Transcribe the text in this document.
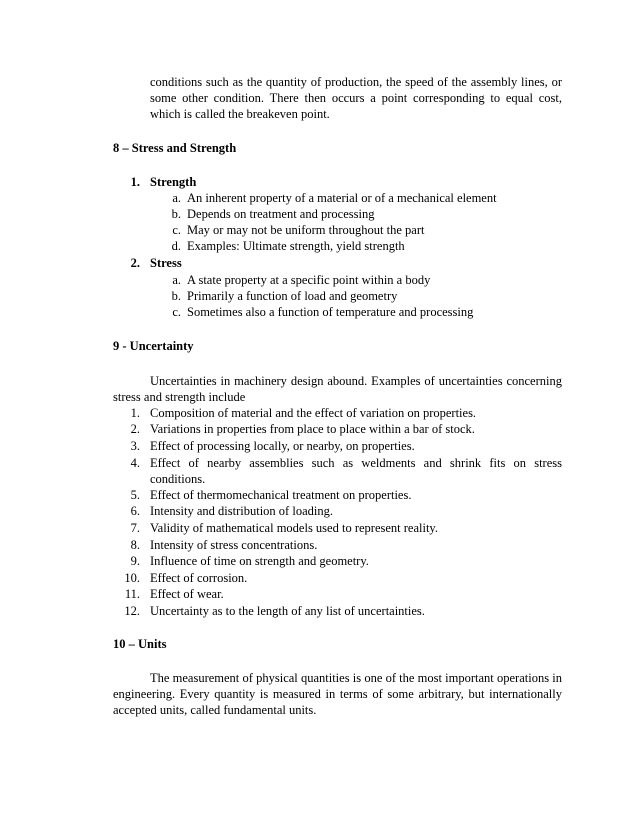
conditions such as the quantity of production, the speed of the assembly lines, or

some other condition. There then occurs a point corresponding to equal cost,

which is called the breakeven point.

8 – Stress and Strength

1. Strength
a. An inherent property of a material or of a mechanical element
b. Depends on treatment and processing
c. May or may not be uniform throughout the part
d. Examples: Ultimate strength, yield strength
2. Stress
a. A state property at a specific point within a body
b. Primarily a function of load and geometry
c. Sometimes also a function of temperature and processing

9 - Uncertainty

Uncertainties in machinery design abound. Examples of uncertainties concerning

stress and strength include

1. Composition of material and the effect of variation on properties.
2. Variations in properties from place to place within a bar of stock.
3. Effect of processing locally, or nearby, on properties.
4. Effect of nearby assemblies such as weldments and shrink fits on stress
conditions.
5. Effect of thermomechanical treatment on properties.
6. Intensity and distribution of loading.
7. Validity of mathematical models used to represent reality.
8. Intensity of stress concentrations.
9. Influence of time on strength and geometry.
10. Effect of corrosion.
11. Effect of wear.
12. Uncertainty as to the length of any list of uncertainties.

10 – Units

The measurement of physical quantities is one of the most important operations in

engineering. Every quantity is measured in terms of some arbitrary, but internationally

accepted units, called fundamental units.
